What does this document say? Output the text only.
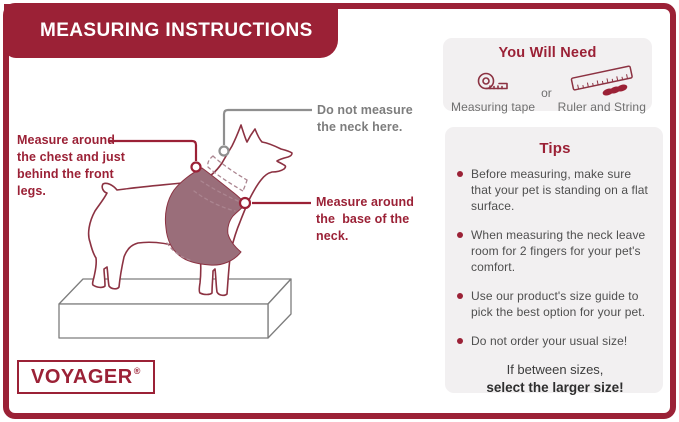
MEASURING INSTRUCTIONS
Measure around
the chest and just
behind the front
legs.
Do not measure
the neck here.
Measure around
the  base of the
neck.
VOYAGER®
You Will Need
Measuring tape
or
Ruler and String
Tips
Before measuring, make sure that your pet is standing on a flat surface.
When measuring the neck leave room for 2 fingers for your pet's comfort.
Use our product's size guide to pick the best option for your pet.
Do not order your usual size!
If between sizes,
select the larger size!
